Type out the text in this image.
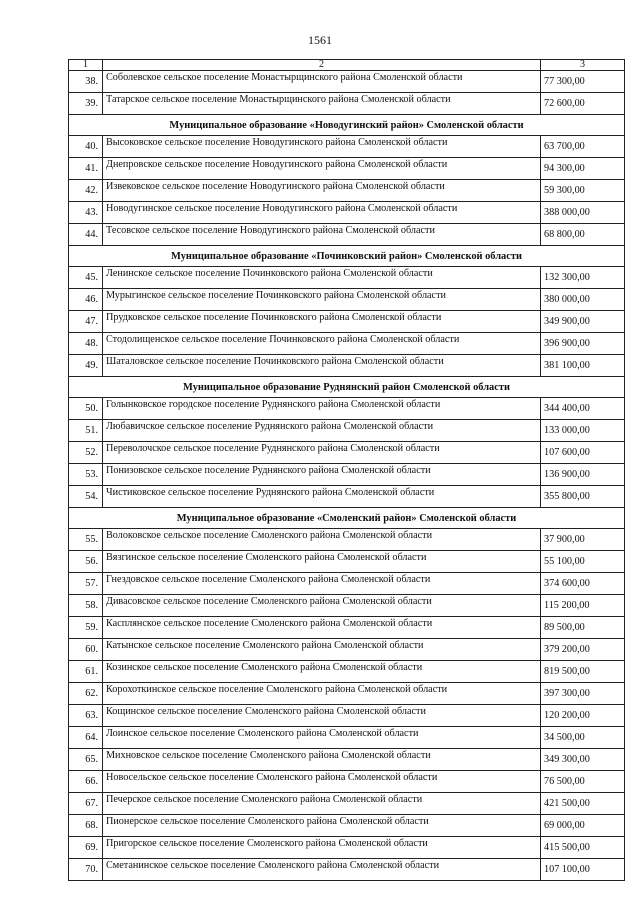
1561
1	2	3
38.	Соболевское сельское поселение Монастырщинского района Смоленской области	77 300,00
39.	Татарское сельское поселение Монастырщинского района Смоленской области	72 600,00
Муниципальное образование «Новодугинский район» Смоленской области		
40.	Высоковское сельское поселение Новодугинского района Смоленской области	63 700,00
41.	Днепровское сельское поселение Новодугинского района Смоленской области	94 300,00
42.	Извековское сельское поселение Новодугинского района Смоленской области	59 300,00
43.	Новодугинское сельское поселение Новодугинского района Смоленской области	388 000,00
44.	Тесовское сельское поселение Новодугинского района Смоленской области	68 800,00
Муниципальное образование «Починковский район» Смоленской области		
45.	Ленинское сельское поселение Починковского района Смоленской области	132 300,00
46.	Мурыгинское сельское поселение Починковского района Смоленской области	380 000,00
47.	Прудковское сельское поселение Починковского района Смоленской области	349 900,00
48.	Стодолищенское сельское поселение Починковского района Смоленской области	396 900,00
49.	Шаталовское сельское поселение Починковского района Смоленской области	381 100,00
Муниципальное образование Руднянский район Смоленской области		
50.	Голынковское городское поселение Руднянского района Смоленской области	344 400,00
51.	Любавичское сельское поселение Руднянского района Смоленской области	133 000,00
52.	Переволочское сельское поселение Руднянского района Смоленской области	107 600,00
53.	Понизовское сельское поселение Руднянского района Смоленской области	136 900,00
54.	Чистиковское сельское поселение Руднянского района Смоленской области	355 800,00
Муниципальное образование «Смоленский район» Смоленской области		
55.	Волоковское сельское поселение Смоленского района Смоленской области	37 900,00
56.	Вязгинское сельское поселение Смоленского района Смоленской области	55 100,00
57.	Гнездовское сельское поселение Смоленского района Смоленской области	374 600,00
58.	Дивасовское сельское поселение Смоленского района Смоленской области	115 200,00
59.	Касплянское сельское поселение Смоленского района Смоленской области	89 500,00
60.	Катынское сельское поселение Смоленского района Смоленской области	379 200,00
61.	Козинское сельское поселение Смоленского района Смоленской области	819 500,00
62.	Корохоткинское сельское поселение Смоленского района Смоленской области	397 300,00
63.	Кощинское сельское поселение Смоленского района Смоленской области	120 200,00
64.	Лоинское сельское поселение Смоленского района Смоленской области	34 500,00
65.	Михновское сельское поселение Смоленского района Смоленской области	349 300,00
66.	Новосельское сельское поселение Смоленского района Смоленской области	76 500,00
67.	Печерское сельское поселение Смоленского района Смоленской области	421 500,00
68.	Пионерское сельское поселение Смоленского района Смоленской области	69 000,00
69.	Пригорское сельское поселение Смоленского района Смоленской области	415 500,00
70.	Сметанинское сельское поселение Смоленского района Смоленской области	107 100,00
